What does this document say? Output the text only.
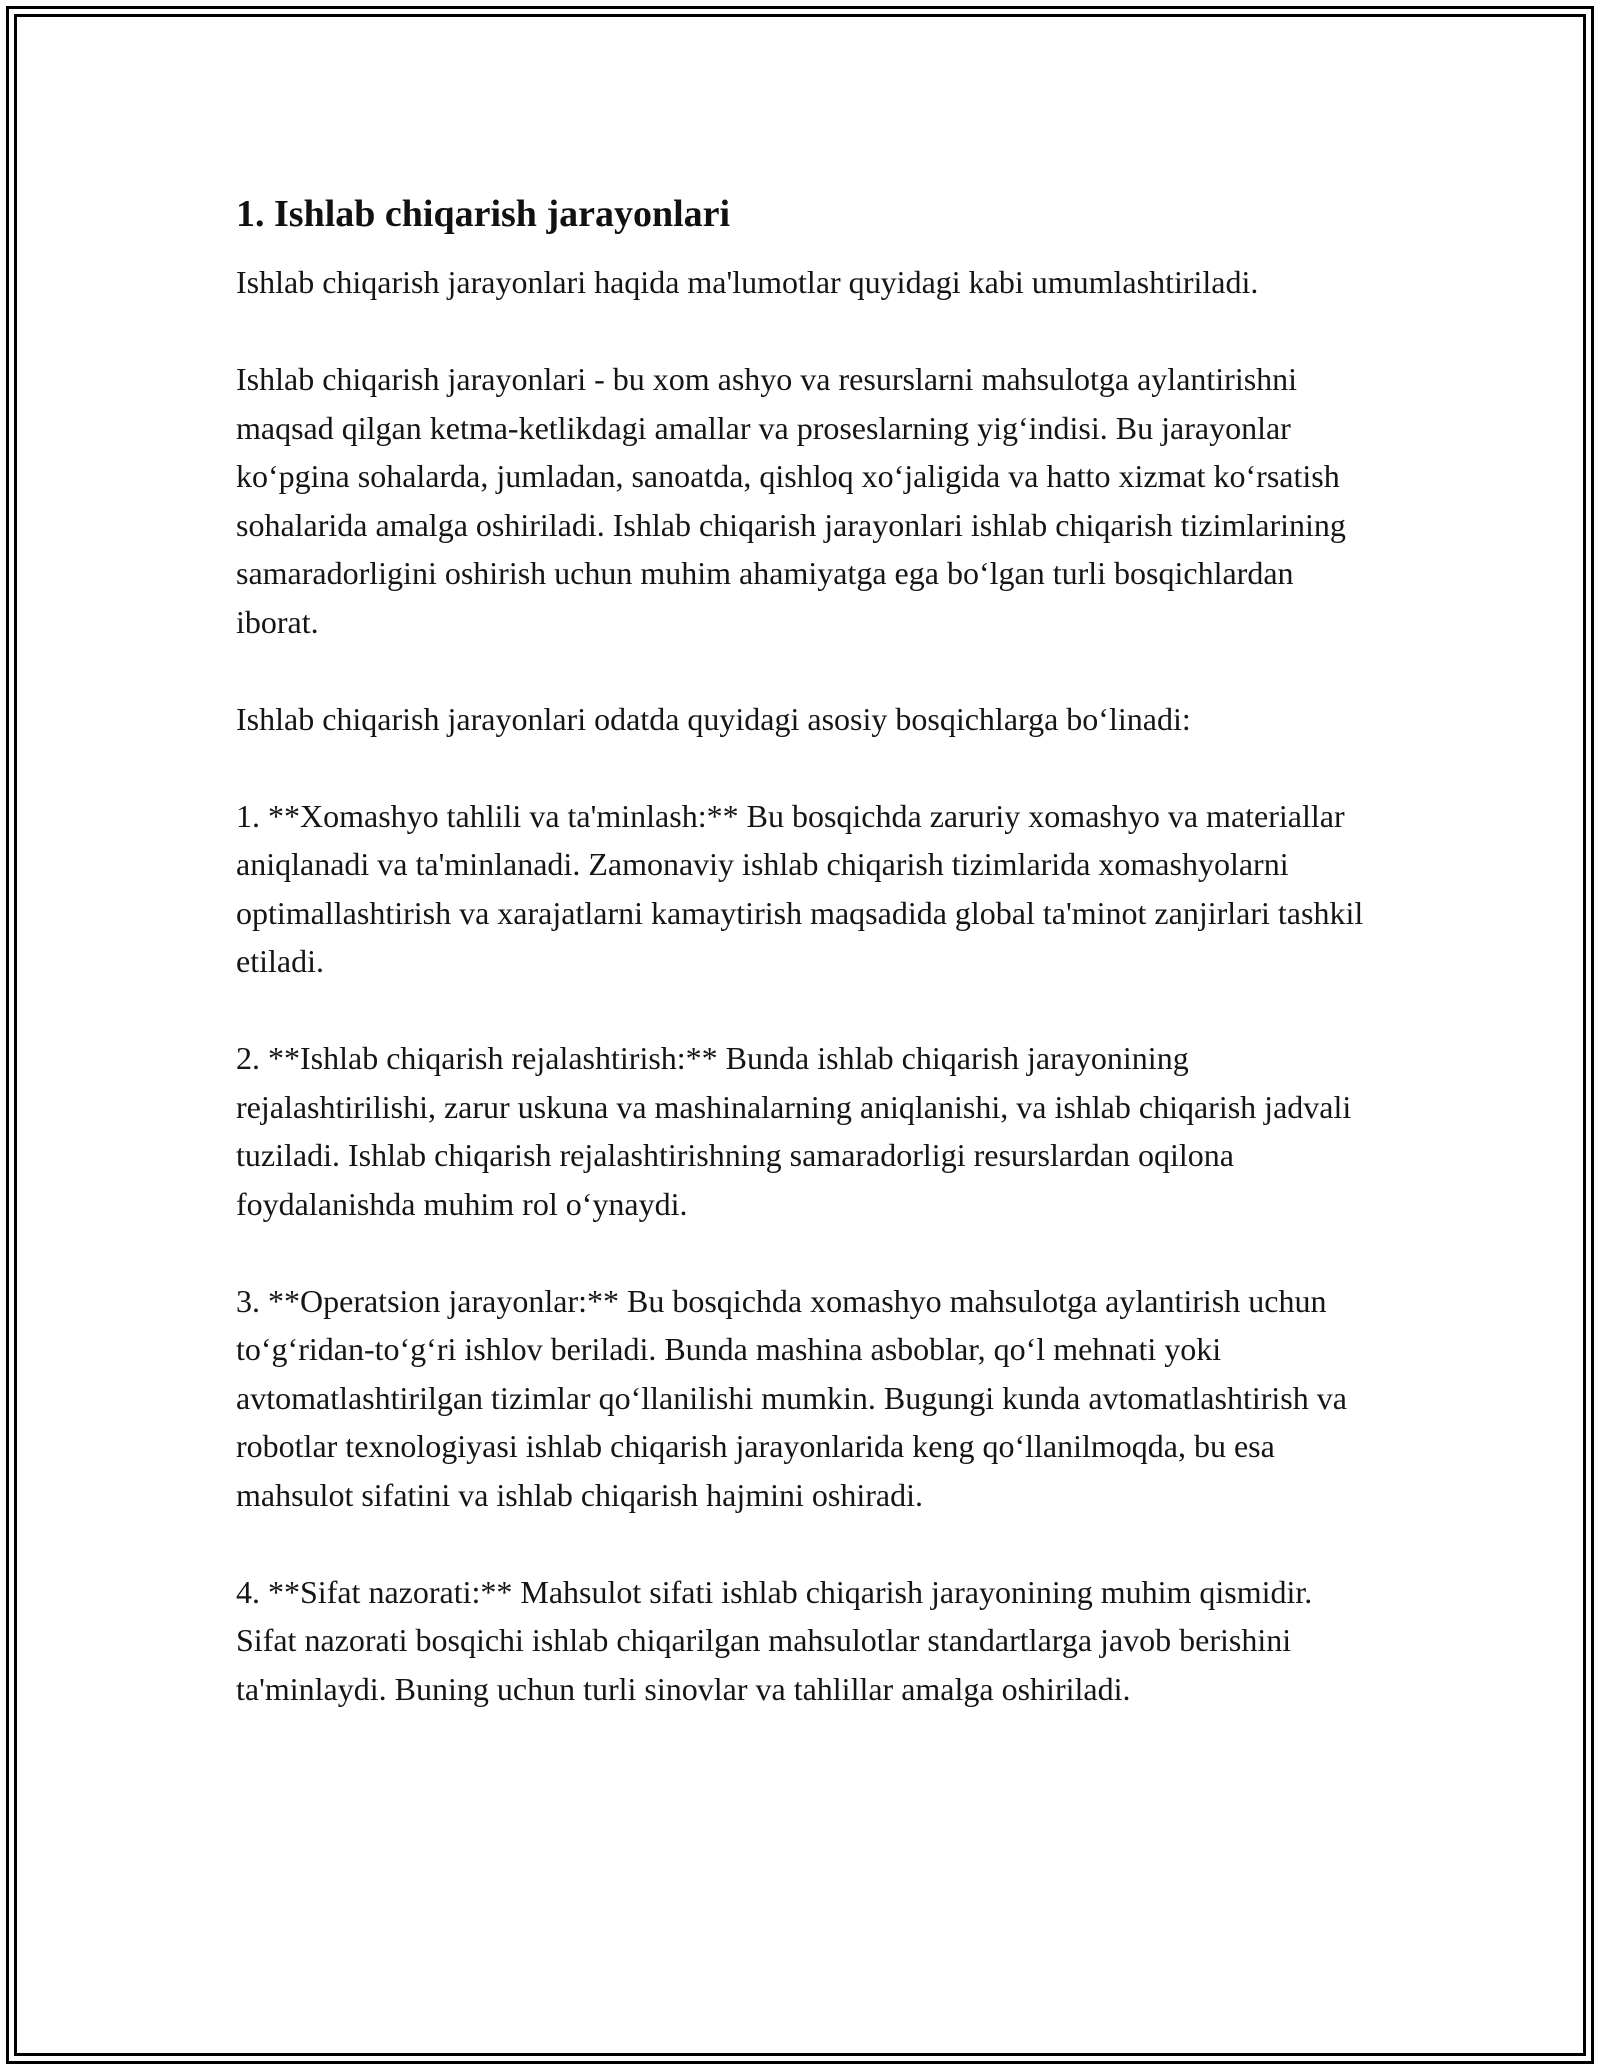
1. Ishlab chiqarish jarayonlari

Ishlab chiqarish jarayonlari haqida ma'lumotlar quyidagi kabi umumlashtiriladi.

Ishlab chiqarish jarayonlari - bu xom ashyo va resurslarni mahsulotga aylantirishni maqsad qilgan ketma-ketlikdagi amallar va proseslarning yig‘indisi. Bu jarayonlar ko‘pgina sohalarda, jumladan, sanoatda, qishloq xo‘jaligida va hatto xizmat ko‘rsatish sohalarida amalga oshiriladi. Ishlab chiqarish jarayonlari ishlab chiqarish tizimlarining samaradorligini oshirish uchun muhim ahamiyatga ega bo‘lgan turli bosqichlardan iborat.

Ishlab chiqarish jarayonlari odatda quyidagi asosiy bosqichlarga bo‘linadi:

1. **Xomashyo tahlili va ta'minlash:** Bu bosqichda zaruriy xomashyo va materiallar aniqlanadi va ta'minlanadi. Zamonaviy ishlab chiqarish tizimlarida xomashyolarni optimallashtirish va xarajatlarni kamaytirish maqsadida global ta'minot zanjirlari tashkil etiladi.

2. **Ishlab chiqarish rejalashtirish:** Bunda ishlab chiqarish jarayonining rejalashtirilishi, zarur uskuna va mashinalarning aniqlanishi, va ishlab chiqarish jadvali tuziladi. Ishlab chiqarish rejalashtirishning samaradorligi resurslardan oqilona foydalanishda muhim rol o‘ynaydi.

3. **Operatsion jarayonlar:** Bu bosqichda xomashyo mahsulotga aylantirish uchun to‘g‘ridan-to‘g‘ri ishlov beriladi. Bunda mashina asboblar, qo‘l mehnati yoki avtomatlashtirilgan tizimlar qo‘llanilishi mumkin. Bugungi kunda avtomatlashtirish va robotlar texnologiyasi ishlab chiqarish jarayonlarida keng qo‘llanilmoqda, bu esa mahsulot sifatini va ishlab chiqarish hajmini oshiradi.

4. **Sifat nazorati:** Mahsulot sifati ishlab chiqarish jarayonining muhim qismidir. Sifat nazorati bosqichi ishlab chiqarilgan mahsulotlar standartlarga javob berishini ta'minlaydi. Buning uchun turli sinovlar va tahlillar amalga oshiriladi.
